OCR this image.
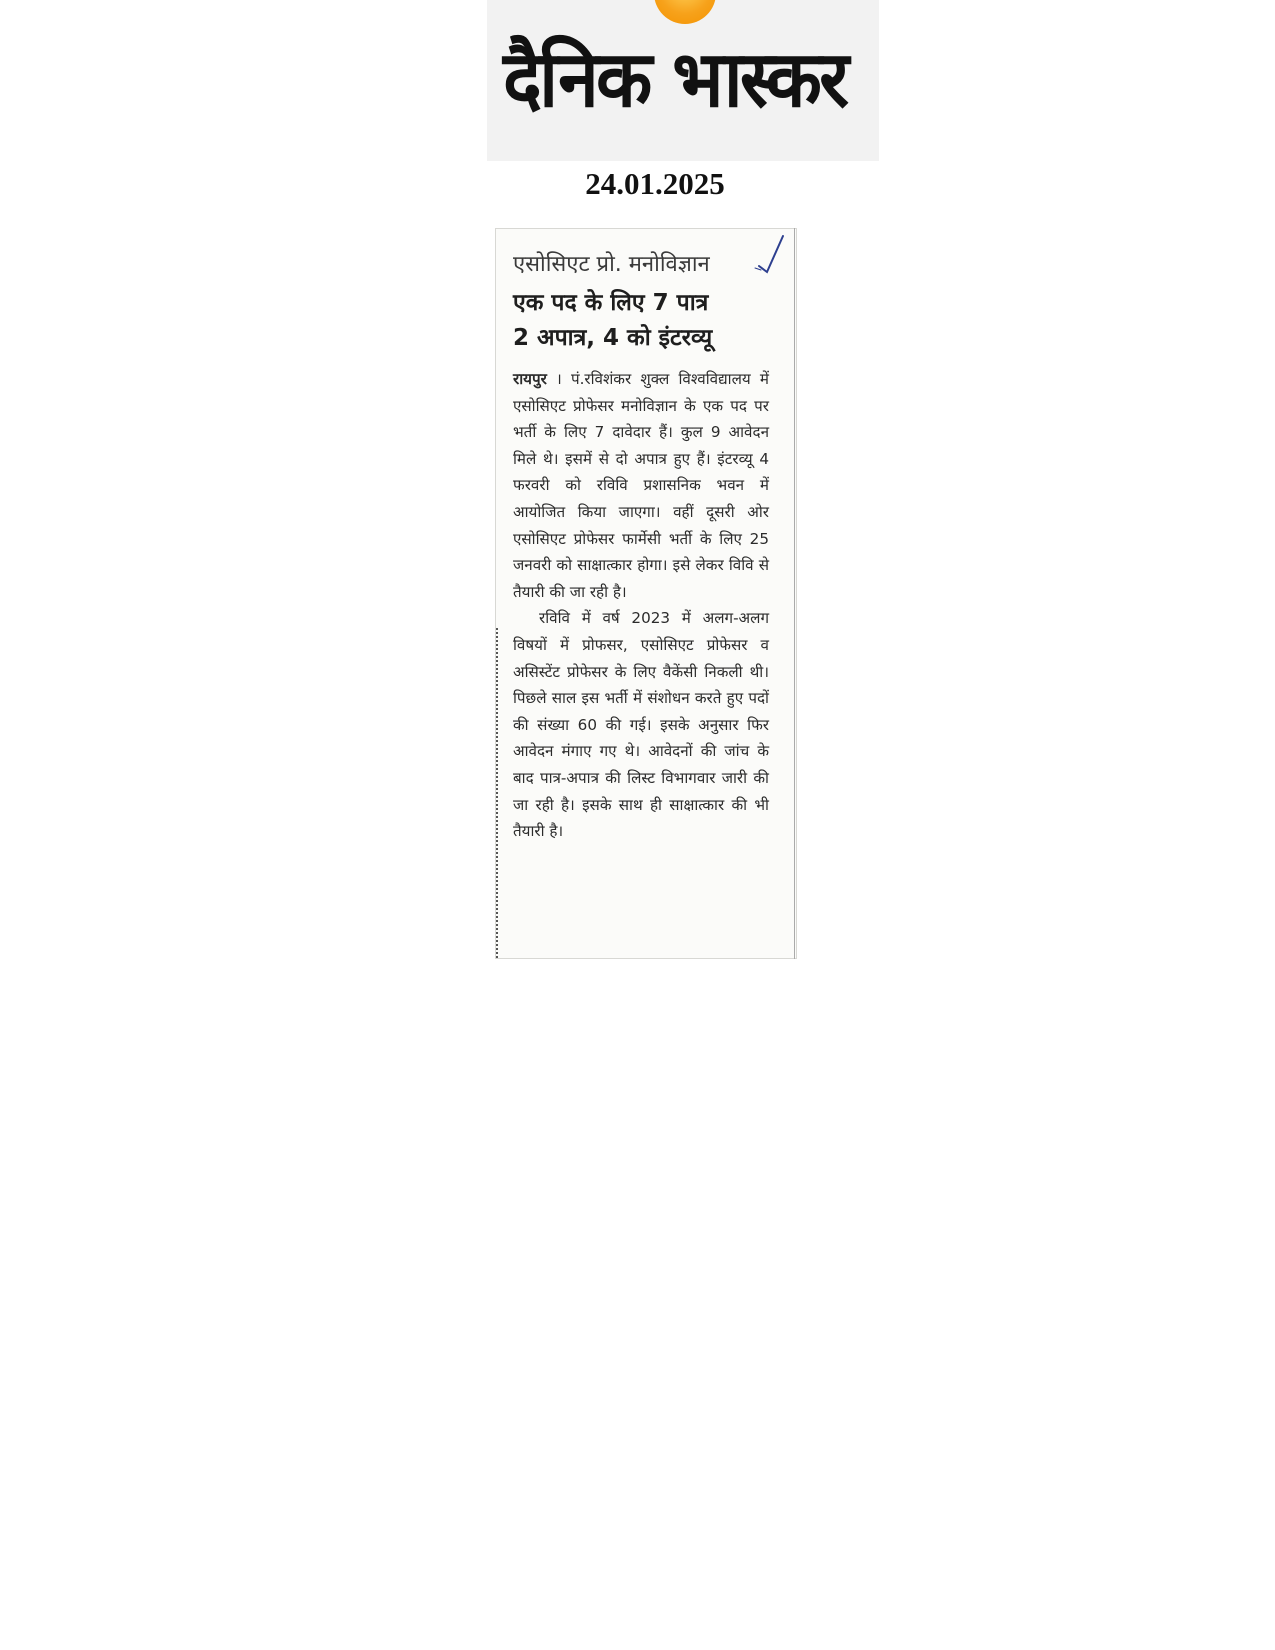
दैनिक भास्कर
24.01.2025
एसोसिएट प्रो. मनोविज्ञान
एक पद के लिए 7 पात्र
2 अपात्र, 4 को इंटरव्यू

रायपुर । पं.रविशंकर शुक्ल विश्वविद्यालय में एसोसिएट प्रोफेसर मनोविज्ञान के एक पद पर भर्ती के लिए 7 दावेदार हैं। कुल 9 आवेदन मिले थे। इसमें से दो अपात्र हुए हैं। इंटरव्यू 4 फरवरी को रविवि प्रशासनिक भवन में आयोजित किया जाएगा। वहीं दूसरी ओर एसोसिएट प्रोफेसर फार्मेसी भर्ती के लिए 25 जनवरी को साक्षात्कार होगा। इसे लेकर विवि से तैयारी की जा रही है।

रविवि में वर्ष 2023 में अलग-अलग विषयों में प्रोफसर, एसोसिएट प्रोफेसर व असिस्टेंट प्रोफेसर के लिए वैकेंसी निकली थी। पिछले साल इस भर्ती में संशोधन करते हुए पदों की संख्या 60 की गई। इसके अनुसार फिर आवेदन मंगाए गए थे। आवेदनों की जांच के बाद पात्र-अपात्र की लिस्ट विभागवार जारी की जा रही है। इसके साथ ही साक्षात्कार की भी तैयारी है।
